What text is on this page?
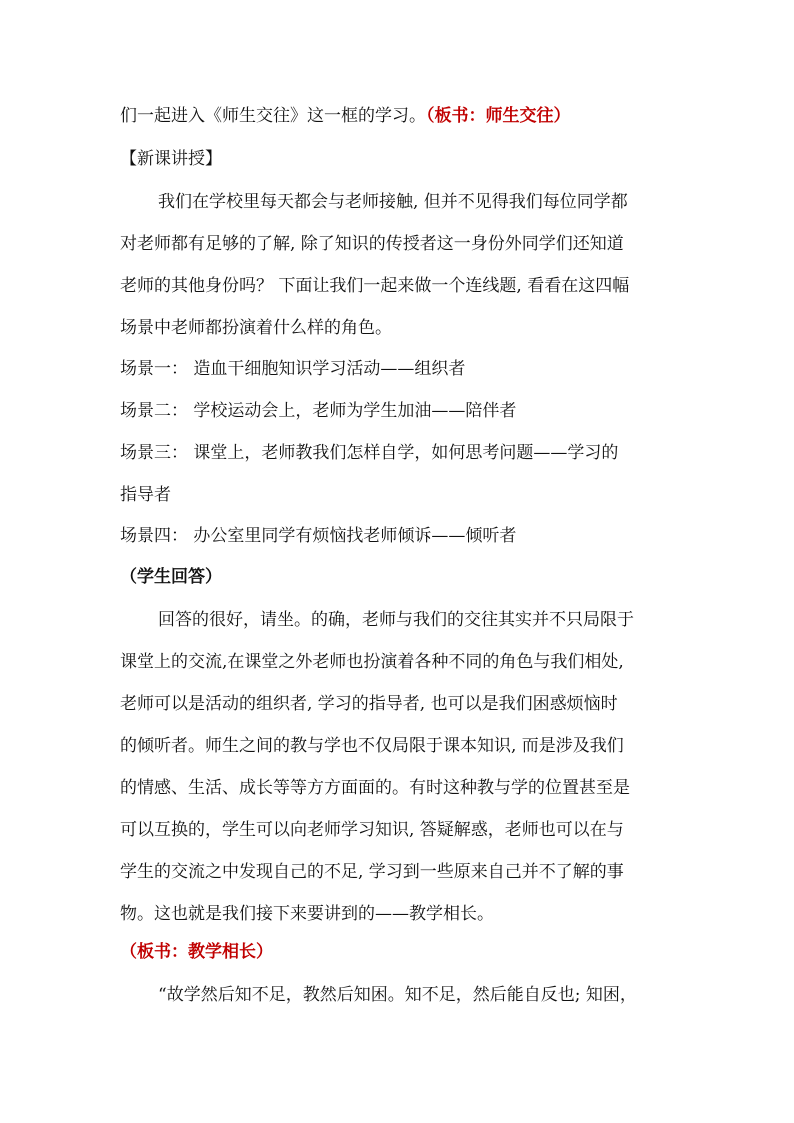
们一起进入《师生交往》这一框的学习。（板书：师生交往）
【新课讲授】
我们在学校里每天都会与老师接触, 但并不见得我们每位同学都
对老师都有足够的了解, 除了知识的传授者这一身份外同学们还知道
老师的其他身份吗？ 下面让我们一起来做一个连线题, 看看在这四幅
场景中老师都扮演着什么样的角色。
场景一： 造血干细胞知识学习活动——组织者
场景二： 学校运动会上，老师为学生加油——陪伴者
场景三： 课堂上，老师教我们怎样自学，如何思考问题——学习的
指导者
场景四： 办公室里同学有烦恼找老师倾诉——倾听者
（学生回答）
回答的很好，请坐。的确，老师与我们的交往其实并不只局限于
课堂上的交流,在课堂之外老师也扮演着各种不同的角色与我们相处,
老师可以是活动的组织者, 学习的指导者, 也可以是我们困惑烦恼时
的倾听者。师生之间的教与学也不仅局限于课本知识, 而是涉及我们
的情感、生活、成长等等方方面面的。有时这种教与学的位置甚至是
可以互换的，学生可以向老师学习知识, 答疑解惑，老师也可以在与
学生的交流之中发现自己的不足, 学习到一些原来自己并不了解的事
物。这也就是我们接下来要讲到的——教学相长。
（板书：教学相长）
“故学然后知不足，教然后知困。知不足，然后能自反也; 知困，
